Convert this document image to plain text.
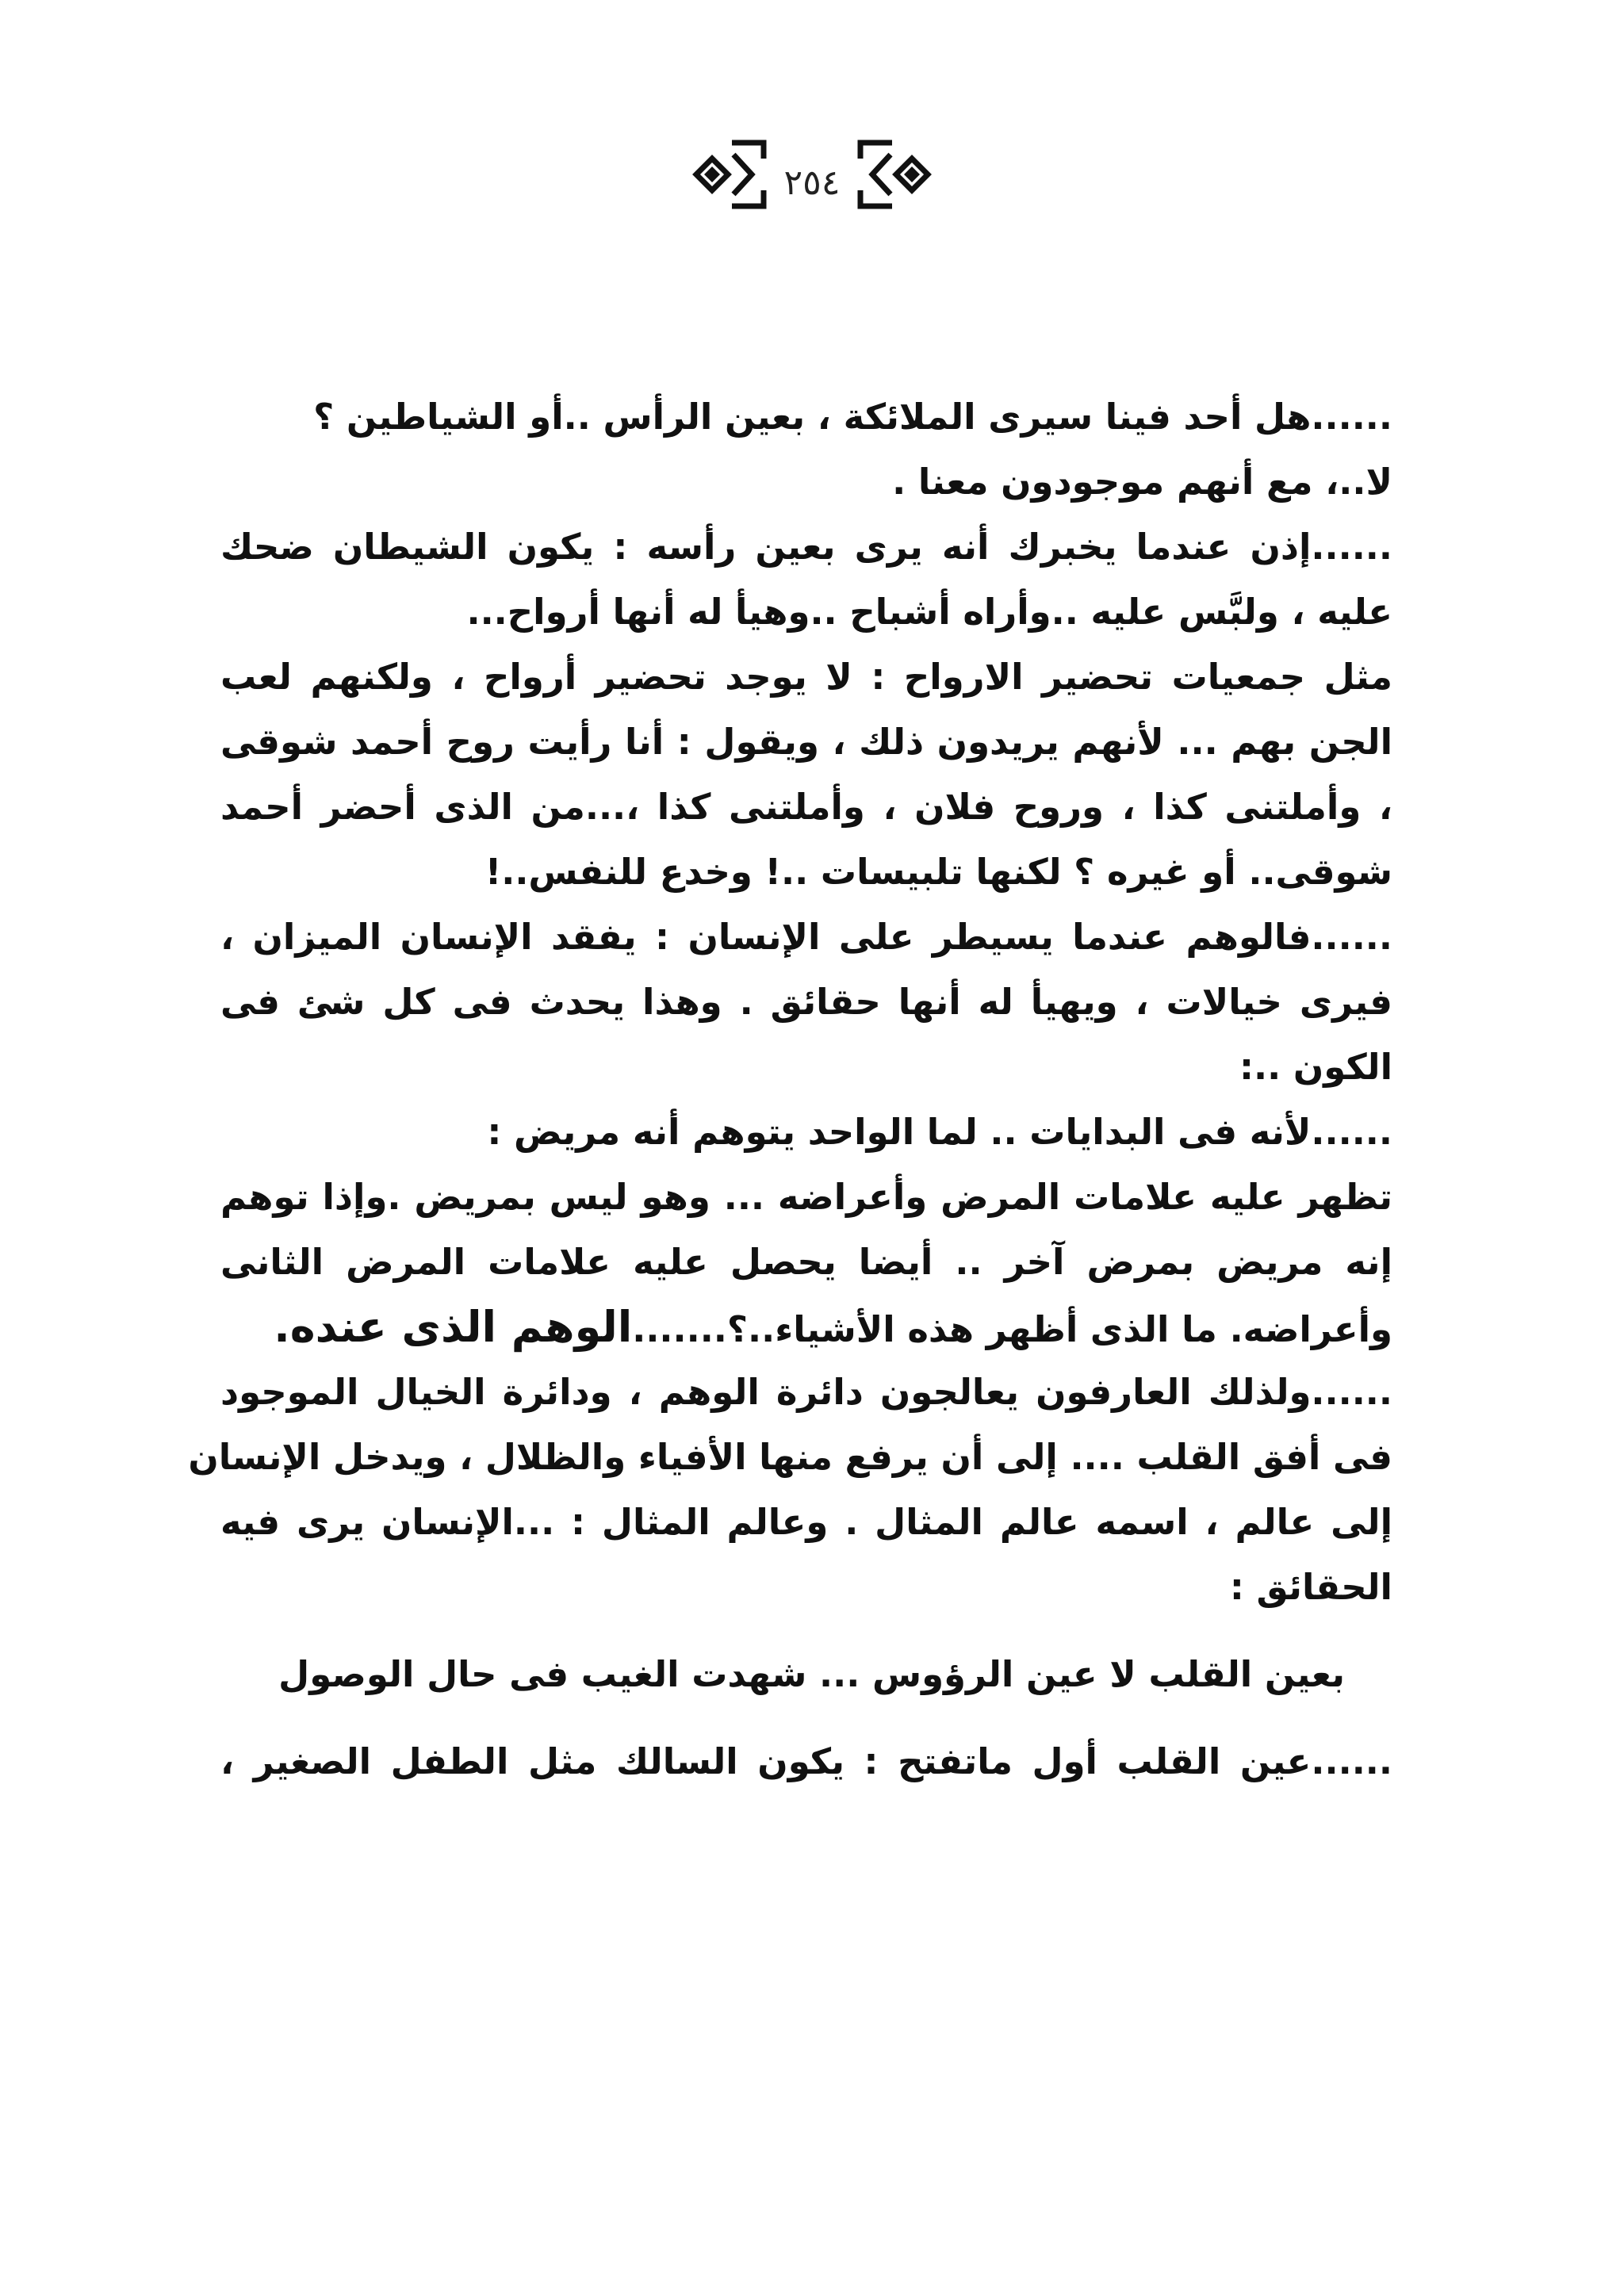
٢٥٤
......هل أحد فينا سيرى الملائكة ، بعين الرأس ..أو الشياطين ؟
لا..، مع أنهم موجودون معنا .
......إذن عندما يخبرك أنه يرى بعين رأسه : يكون الشيطان ضحك
عليه ، ولبَّس عليه ..وأراه أشباح ..وهيأ له أنها أرواح...
مثل جمعيات تحضير الارواح : لا يوجد تحضير أرواح ، ولكنهم لعب
الجن بهم ... لأنهم يريدون ذلك ، ويقول : أنا رأيت روح أحمد شوقى
، وأملتنى كذا ، وروح فلان ، وأملتنى كذا ،...من الذى أحضر أحمد
شوقى.. أو غيره ؟ لكنها تلبيسات ..! وخدع للنفس..!
......فالوهم عندما يسيطر على الإنسان : يفقد الإنسان الميزان ،
فيرى خيالات ، ويهيأ له أنها حقائق . وهذا يحدث فى كل شئ فى
الكون ..:
......لأنه فى البدايات .. لما الواحد يتوهم أنه مريض :
تظهر عليه علامات المرض وأعراضه ... وهو ليس بمريض .وإذا توهم
إنه مريض بمرض آخر .. أيضا يحصل عليه علامات المرض الثانى
وأعراضه. ما الذى أظهر هذه الأشياء..؟.......الوهم الذى عنده.
......ولذلك العارفون يعالجون دائرة الوهم ، ودائرة الخيال الموجود
فى أفق القلب .... إلى أن يرفع منها الأفياء والظلال ، ويدخل الإنسان
إلى عالم ، اسمه عالم المثال . وعالم المثال : ...الإنسان يرى فيه
الحقائق :
بعين القلب لا عين الرؤوس ... شهدت الغيب فى حال الوصول
......عين القلب أول ماتفتح : يكون السالك مثل الطفل الصغير ،
